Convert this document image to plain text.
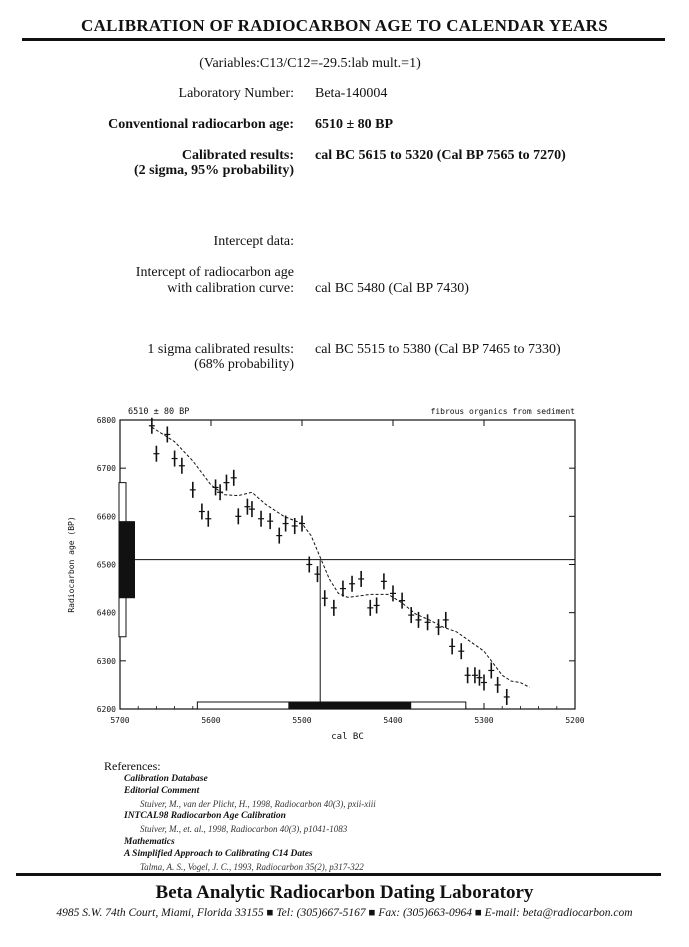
CALIBRATION OF RADIOCARBON AGE TO CALENDAR YEARS
(Variables:C13/C12=-29.5:lab mult.=1)
Laboratory Number: Beta-140004
Conventional radiocarbon age: 6510 ± 80 BP
Calibrated results:
(2 sigma, 95% probability)
cal BC 5615 to 5320 (Cal BP 7565 to 7270)
Intercept data:
Intercept of radiocarbon age
with calibration curve: cal BC 5480 (Cal BP 7430)
1 sigma calibrated results:
(68% probability)
cal BC 5515 to 5380 (Cal BP 7465 to 7330)
6200
6300
6400
6500
6600
6700
6800
5700	5600	5500	5400	5300	5200
cal BC
Radiocarbon age (BP)
6510 ± 80 BP	fibrous organics from sediment
References:
Calibration Database
Editorial Comment
Stuiver, M., van der Plicht, H., 1998, Radiocarbon 40(3), pxii-xiii
INTCAL98 Radiocarbon Age Calibration
Stuiver, M., et. al., 1998, Radiocarbon 40(3), p1041-1083
Mathematics
A Simplified Approach to Calibrating C14 Dates
Talma, A. S., Vogel, J. C., 1993, Radiocarbon 35(2), p317-322
Beta Analytic Radiocarbon Dating Laboratory
4985 S.W. 74th Court, Miami, Florida 33155 ■ Tel: (305)667-5167 ■ Fax: (305)663-0964 ■ E-mail: beta@radiocarbon.com
